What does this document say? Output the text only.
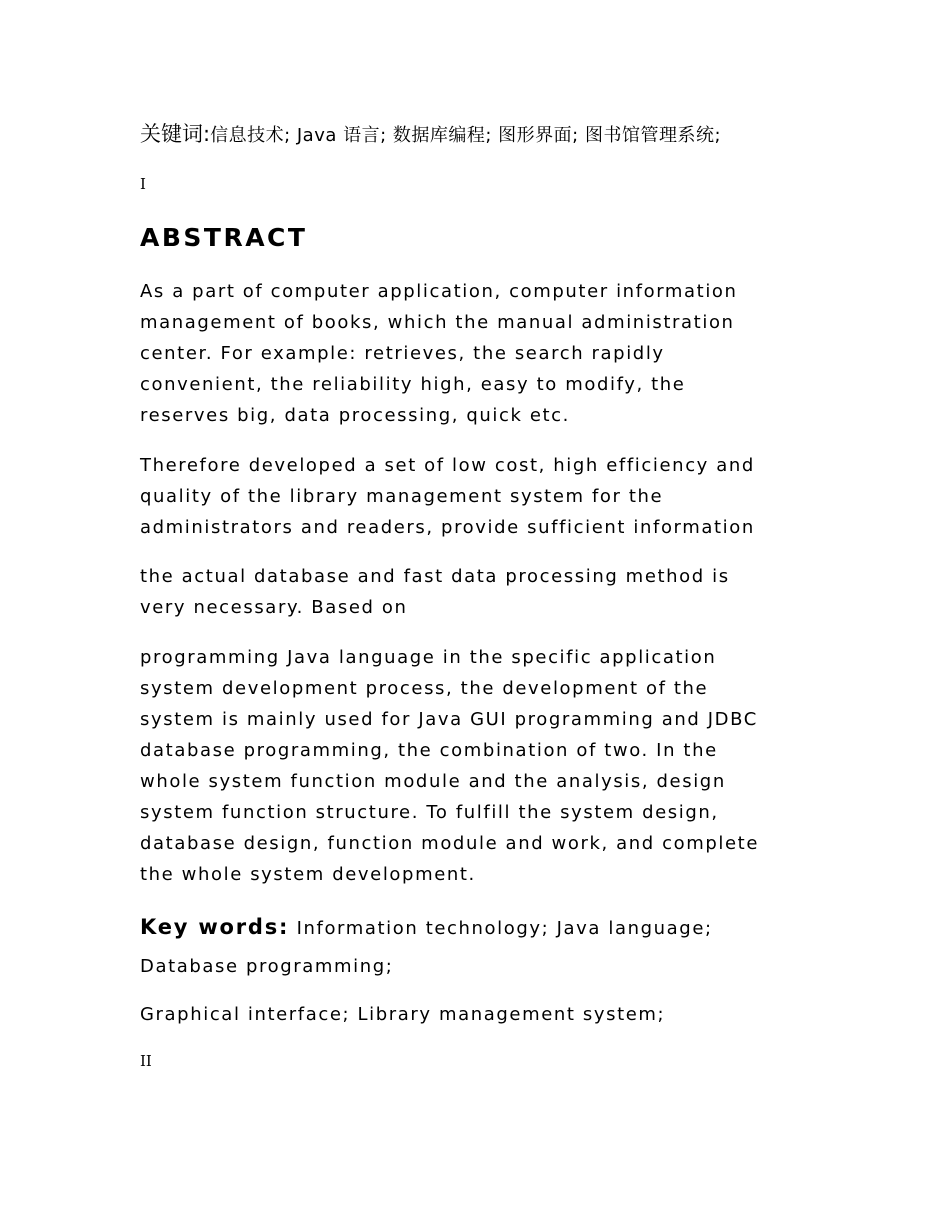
关键词:信息技术; Java 语言; 数据库编程; 图形界面; 图书馆管理系统;
I
ABSTRACT
As a part of computer application, computer information
management of books, which the manual administration
center. For example: retrieves, the search rapidly
convenient, the reliability high, easy to modify, the
reserves big, data processing, quick etc.
Therefore developed a set of low cost, high efficiency and
quality of the library management system for the
administrators and readers, provide sufficient information
the actual database and fast data processing method is
very necessary. Based on
programming Java language in the specific application
system development process, the development of the
system is mainly used for Java GUI programming and JDBC
database programming, the combination of two. In the
whole system function module and the analysis, design
system function structure. To fulfill the system design,
database design, function module and work, and complete
the whole system development.
Key words: Information technology; Java language;
Database programming;
Graphical interface; Library management system;
II
